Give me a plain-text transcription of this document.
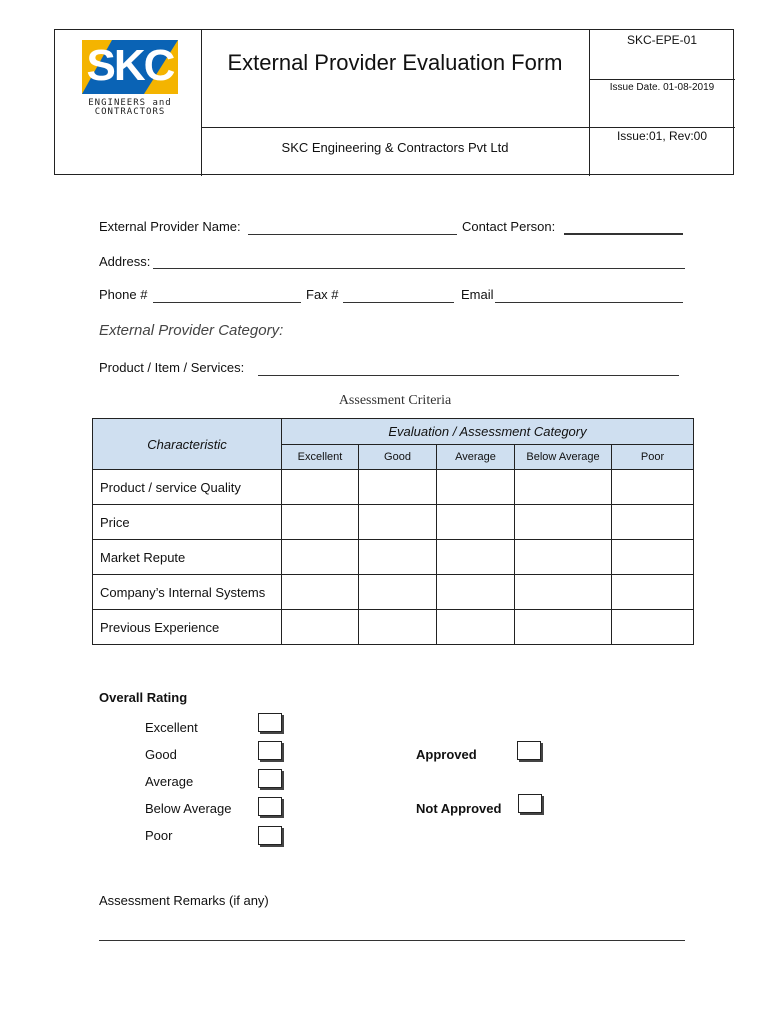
SKC
ENGINEERS and
CONTRACTORS
External Provider Evaluation Form
SKC Engineering & Contractors Pvt Ltd
SKC-EPE-01
Issue Date. 01-08-2019
Issue:01, Rev:00
External Provider Name:	Contact Person:
Address:
Phone #	Fax #	Email
External Provider Category:
Product / Item / Services:
Assessment Criteria
Characteristic	Evaluation / Assessment Category				
	Excellent	Good	Average	Below Average	Poor
Product / service Quality					
Price					
Market Repute					
Company’s Internal Systems					
Previous Experience					
Overall Rating
Excellent
Good
Average
Below Average
Poor
Approved
Not Approved
Assessment Remarks (if any)
